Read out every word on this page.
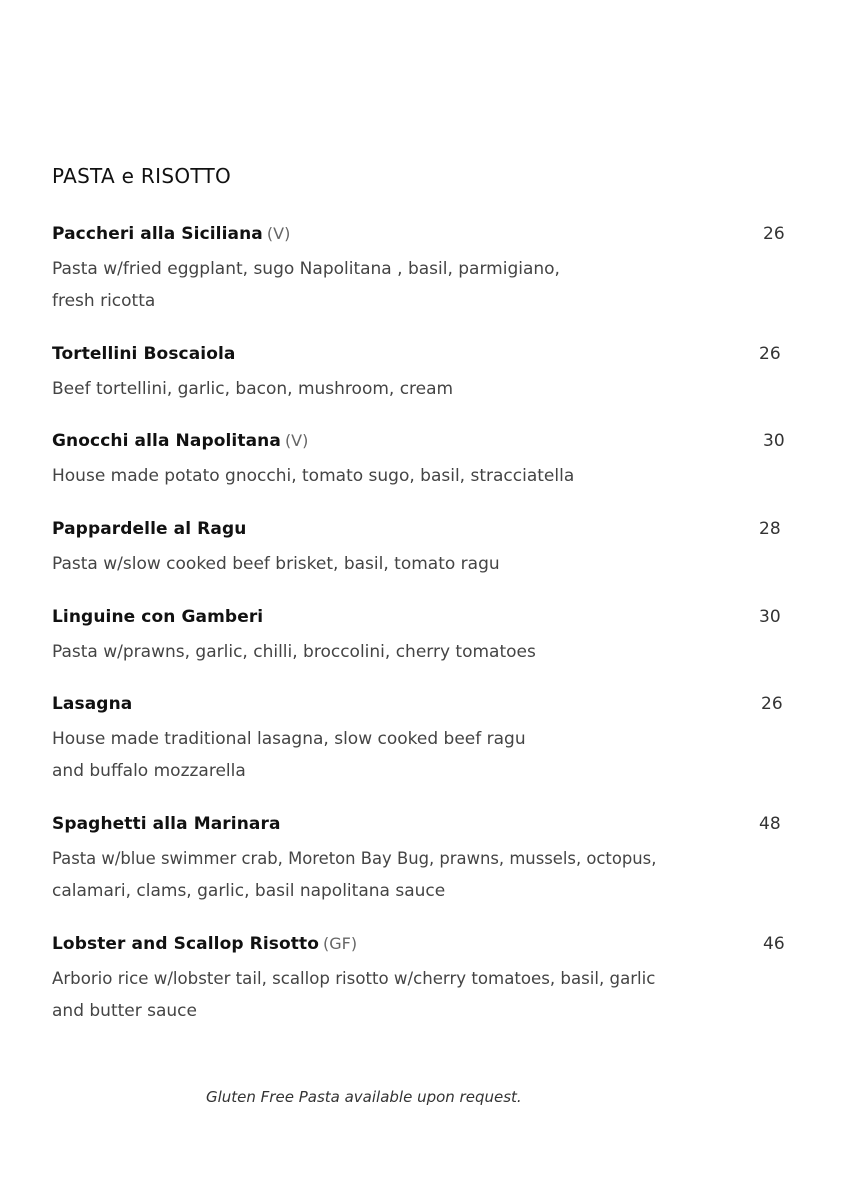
PASTA e RISOTTO
Paccheri alla Siciliana (V)	26
Pasta w/fried eggplant, sugo Napolitana , basil, parmigiano,
fresh ricotta
Tortellini Boscaiola	26
Beef tortellini, garlic, bacon, mushroom, cream
Gnocchi alla Napolitana (V)	30
House made potato gnocchi, tomato sugo, basil, stracciatella
Pappardelle al Ragu	28
Pasta w/slow cooked beef brisket, basil, tomato ragu
Linguine con Gamberi	30
Pasta w/prawns, garlic, chilli, broccolini, cherry tomatoes
Lasagna	26
House made traditional lasagna, slow cooked beef ragu
and buffalo mozzarella
Spaghetti alla Marinara	48
Pasta w/blue swimmer crab, Moreton Bay Bug, prawns, mussels, octopus,
calamari, clams, garlic, basil napolitana sauce
Lobster and Scallop Risotto (GF)	46
Arborio rice w/lobster tail, scallop risotto w/cherry tomatoes, basil, garlic
and butter sauce
Gluten Free Pasta available upon request.
